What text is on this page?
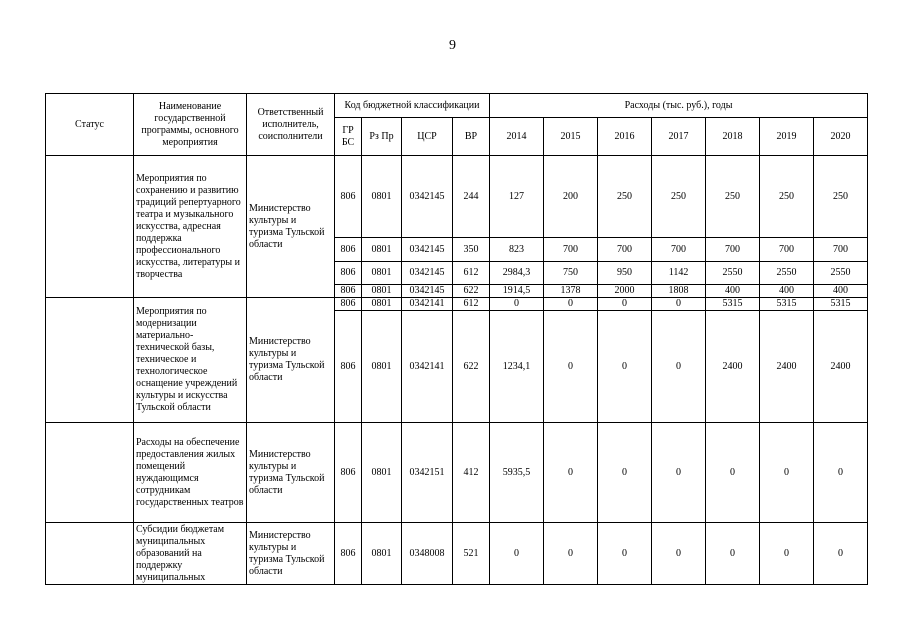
9
Статус	Наименование государственной программы, основного мероприятия	Ответственный исполнитель, соисполнители	Код бюджетной классификации				Расходы (тыс. руб.), годы						
			ГР БС	Рз Пр	ЦСР	ВР	2014	2015	2016	2017	2018	2019	2020
	Мероприятия по сохранению и развитию традиций репертуарного театра и музыкального искусства, адресная поддержка профессионального искусства, литературы и творчества	Министерство культуры и туризма Тульской области	806	0801	0342145	244	127	200	250	250	250	250	250
			806	0801	0342145	350	823	700	700	700	700	700	700
			806	0801	0342145	612	2984,3	750	950	1142	2550	2550	2550
			806	0801	0342145	622	1914,5	1378	2000	1808	400	400	400
	Мероприятия по модернизации материально-технической базы, техническое и технологическое оснащение учреждений культуры и искусства Тульской области	Министерство культуры и туризма Тульской области	806	0801	0342141	612	0	0	0	0	5315	5315	5315
			806	0801	0342141	622	1234,1	0	0	0	2400	2400	2400
	Расходы на обеспечение предоставления жилых помещений нуждающимся сотрудникам государственных театров	Министерство культуры и туризма Тульской области	806	0801	0342151	412	5935,5	0	0	0	0	0	0
	Субсидии бюджетам муниципальных образований на поддержку муниципальных	Министерство культуры и туризма Тульской области	806	0801	0348008	521	0	0	0	0	0	0	0
